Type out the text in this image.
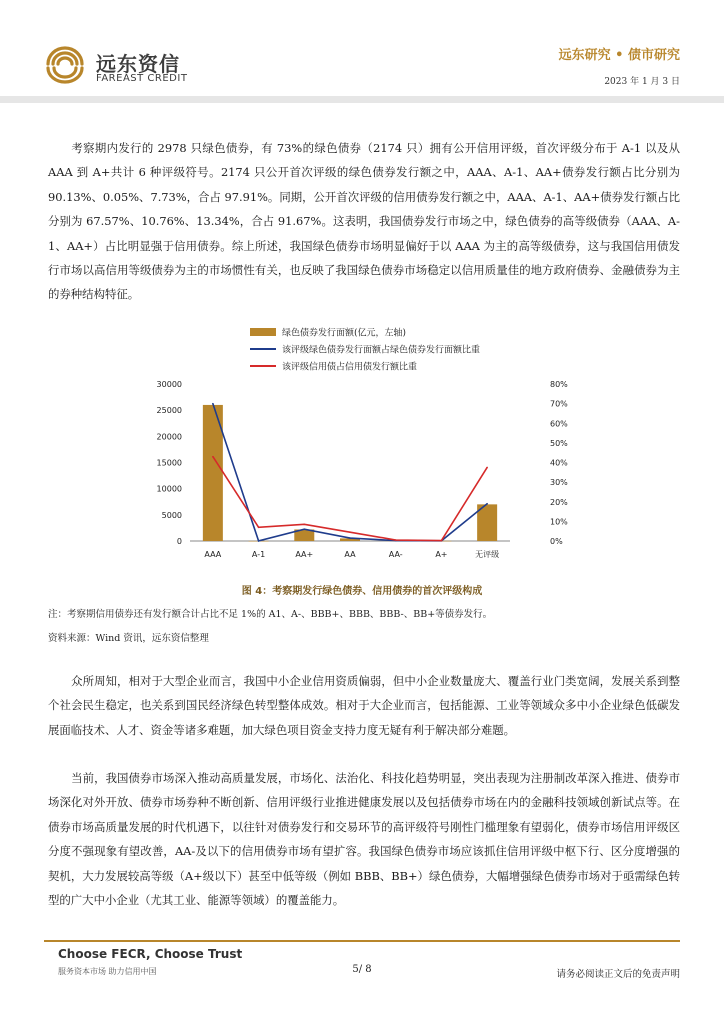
远东资信
FAREAST CREDIT
远东研究 • 债市研究
2023 年 1 月 3 日

考察期内发行的 2978 只绿色债券，有 73%的绿色债券（2174 只）拥有公开信用评级，首次评级分布于 A-1 以及从 AAA 到 A+共计 6 种评级符号。2174 只公开首次评级的绿色债券发行额之中，AAA、A-1、AA+债券发行额占比分别为 90.13%、0.05%、7.73%，合占 97.91%。同期，公开首次评级的信用债券发行额之中，AAA、A-1、AA+债券发行额占比分别为 67.57%、10.76%、13.34%，合占 91.67%。这表明，我国债券发行市场之中，绿色债券的高等级债券（AAA、A-1、AA+）占比明显强于信用债券。综上所述，我国绿色债券市场明显偏好于以 AAA 为主的高等级债券，这与我国信用债发行市场以高信用等级债券为主的市场惯性有关，也反映了我国绿色债券市场稳定以信用质量佳的地方政府债券、金融债券为主的券种结构特征。

绿色债券发行面额(亿元，左轴)
该评级绿色债券发行面额占绿色债券发行面额比重
该评级信用债占信用债发行额比重
0
5000
10000
15000
20000
25000
30000
0%
10%
20%
30%
40%
50%
60%
70%
80%
AAA	A-1	AA+	AA	AA-	A+	无评级
图 4：考察期发行绿色债券、信用债券的首次评级构成
注：考察期信用债券还有发行额合计占比不足 1%的 A1、A-、BBB+、BBB、BBB-、BB+等债券发行。
资料来源：Wind 资讯，远东资信整理

众所周知，相对于大型企业而言，我国中小企业信用资质偏弱，但中小企业数量庞大、覆盖行业门类宽阔，发展关系到整个社会民生稳定，也关系到国民经济绿色转型整体成效。相对于大企业而言，包括能源、工业等领域众多中小企业绿色低碳发展面临技术、人才、资金等诸多难题，加大绿色项目资金支持力度无疑有利于解决部分难题。

当前，我国债券市场深入推动高质量发展，市场化、法治化、科技化趋势明显，突出表现为注册制改革深入推进、债券市场深化对外开放、债券市场券种不断创新、信用评级行业推进健康发展以及包括债券市场在内的金融科技领域创新试点等。在债券市场高质量发展的时代机遇下，以往针对债券发行和交易环节的高评级符号刚性门槛理象有望弱化，债券市场信用评级区分度不强现象有望改善，AA-及以下的信用债券市场有望扩容。我国绿色债券市场应该抓住信用评级中枢下行、区分度增强的契机，大力发展较高等级（A+级以下）甚至中低等级（例如 BBB、BB+）绿色债券，大幅增强绿色债券市场对于亟需绿色转型的广大中小企业（尤其工业、能源等领域）的覆盖能力。

Choose FECR, Choose Trust
服务资本市场 助力信用中国	5/ 8	请务必阅读正文后的免责声明
